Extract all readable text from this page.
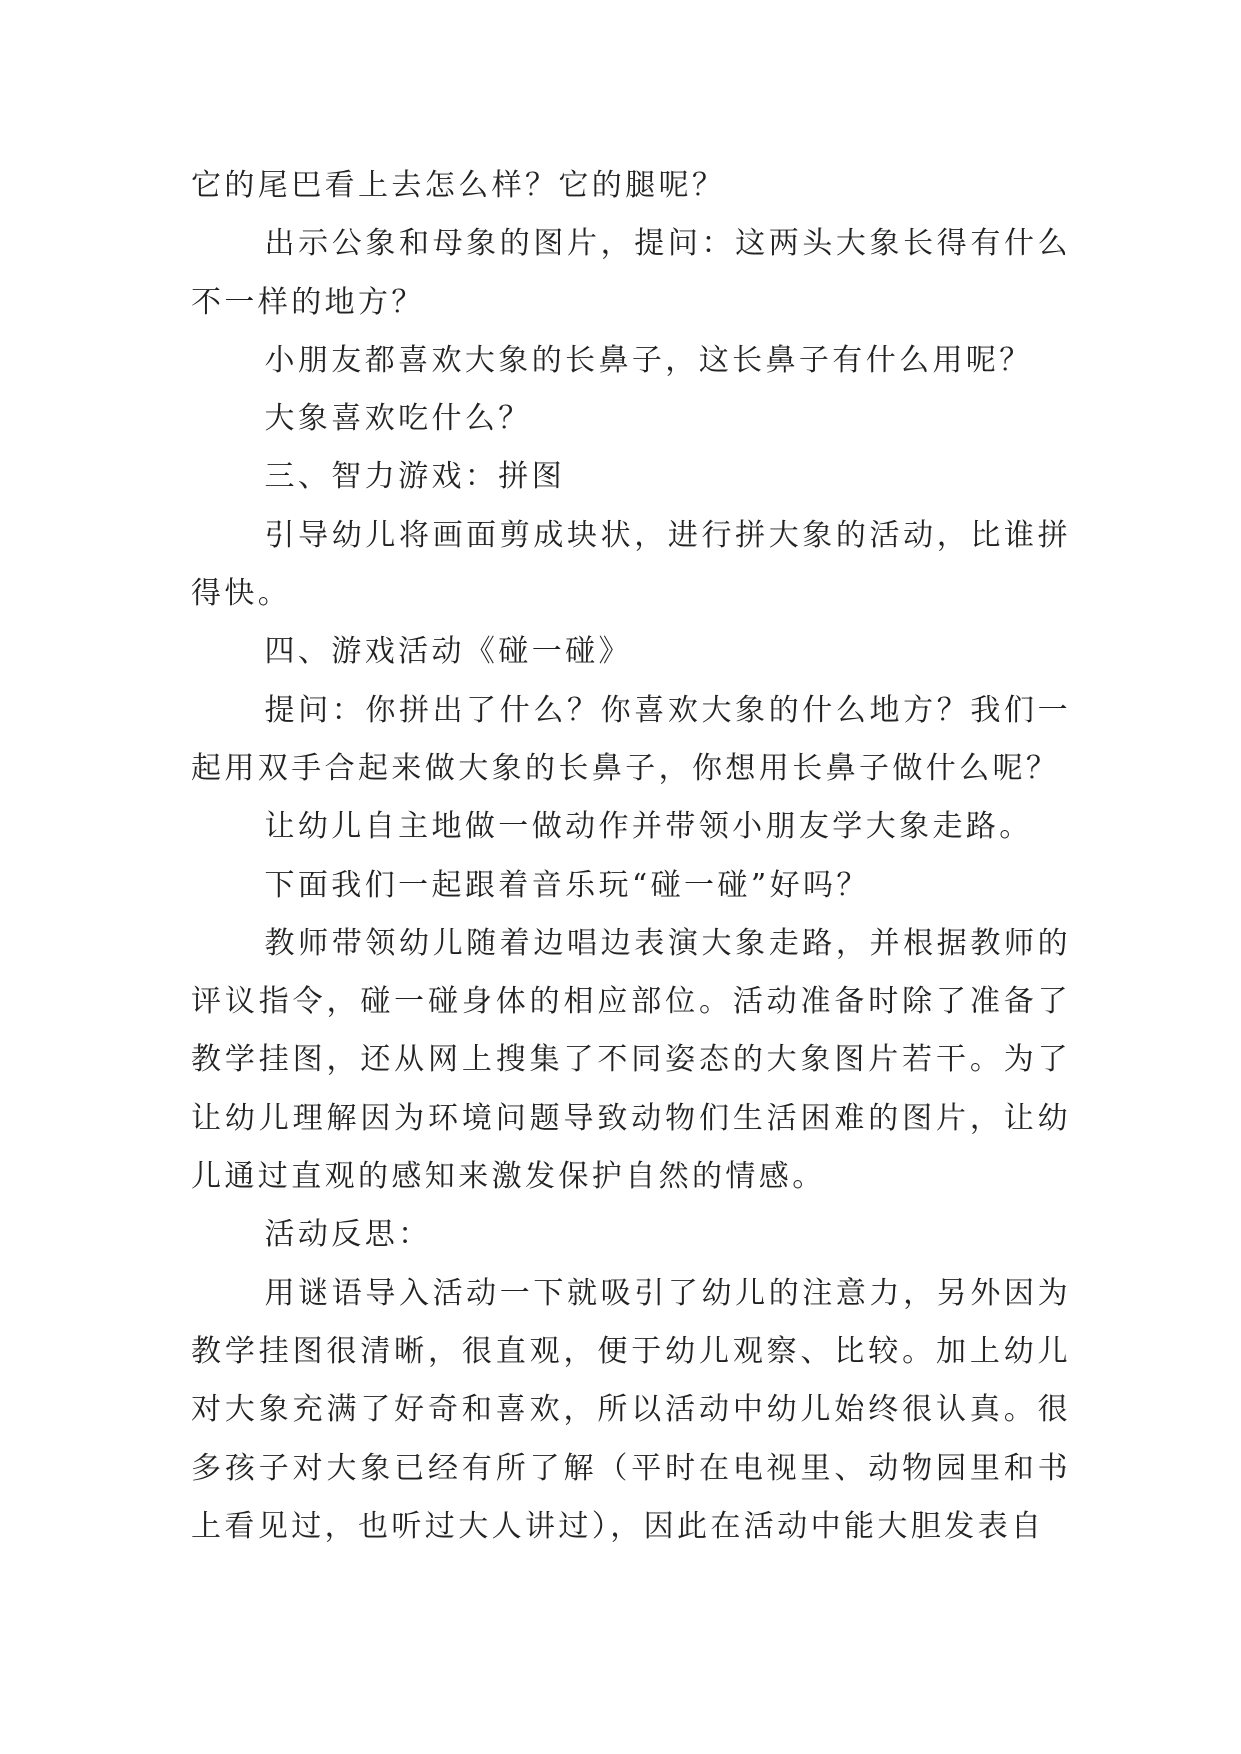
它的尾巴看上去怎么样？它的腿呢？

出示公象和母象的图片，提问：这两头大象长得有什么不一样的地方？

小朋友都喜欢大象的长鼻子，这长鼻子有什么用呢？

大象喜欢吃什么？

三、智力游戏：拼图

引导幼儿将画面剪成块状，进行拼大象的活动，比谁拼得快。

四、游戏活动《碰一碰》

提问：你拼出了什么？你喜欢大象的什么地方？我们一起用双手合起来做大象的长鼻子，你想用长鼻子做什么呢？

让幼儿自主地做一做动作并带领小朋友学大象走路。

下面我们一起跟着音乐玩“碰一碰”好吗？

教师带领幼儿随着边唱边表演大象走路，并根据教师的评议指令，碰一碰身体的相应部位。活动准备时除了准备了教学挂图，还从网上搜集了不同姿态的大象图片若干。为了让幼儿理解因为环境问题导致动物们生活困难的图片，让幼儿通过直观的感知来激发保护自然的情感。

活动反思：

用谜语导入活动一下就吸引了幼儿的注意力，另外因为教学挂图很清晰，很直观，便于幼儿观察、比较。加上幼儿对大象充满了好奇和喜欢，所以活动中幼儿始终很认真。很多孩子对大象已经有所了解（平时在电视里、动物园里和书上看见过，也听过大人讲过），因此在活动中能大胆发表自
